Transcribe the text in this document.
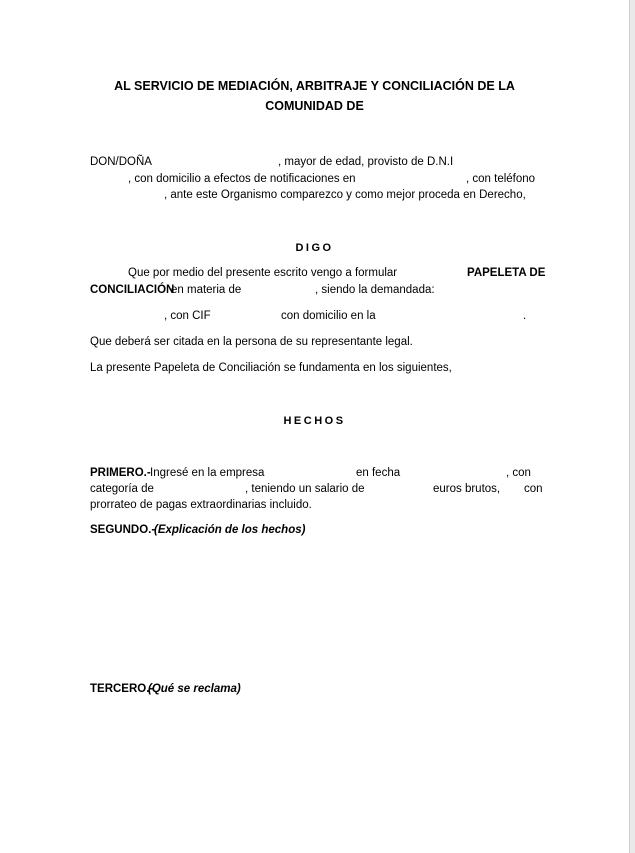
AL SERVICIO DE MEDIACIÓN, ARBITRAJE Y CONCILIACIÓN DE LA
COMUNIDAD DE
DON/DOÑA	, mayor de edad, provisto de D.N.I
, con domicilio a efectos de notificaciones en	, con teléfono
, ante este Organismo comparezco y como mejor proceda en Derecho,
DIGO
Que por medio del presente escrito vengo a formular	PAPELETA DE
CONCILIACIÓN
en materia de	, siendo la demandada:
, con CIF	con domicilio en la	.
Que deberá ser citada en la persona de su representante legal.
La presente Papeleta de Conciliación se fundamenta en los siguientes,
HECHOS
PRIMERO.- Ingresé en la empresa	en fecha	, con
categoría de	, teniendo un salario de	euros brutos, con
prorrateo de pagas extraordinarias incluido.
SEGUNDO.-
(Explicación de los hechos)
TERCERO.-
(Qué se reclama)
